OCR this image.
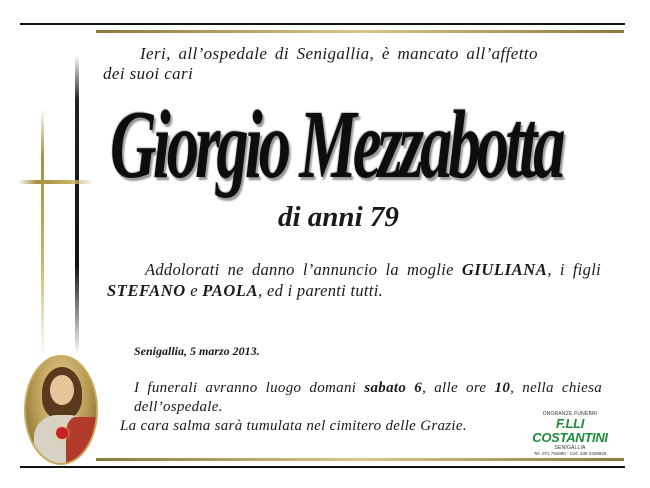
Ieri, all’ospedale di Senigallia, è mancato all’affetto
dei suoi cari
Giorgio Mezzabotta
di anni 79
Addolorati ne danno l’annuncio la moglie GIULIANA, i figli STEFANO e PAOLA, ed i parenti tutti.
Senigallia, 5 marzo 2013.
I funerali avranno luogo domani sabato 6, alle ore 10, nella chiesa dell’ospedale.
La cara salma sarà tumulata nel cimitero delle Grazie.
ONORANZE FUNEBRI
F.LLI COSTANTINI
SENIGALLIA
Tel. 071 792890 - Cell. 339 2329845
